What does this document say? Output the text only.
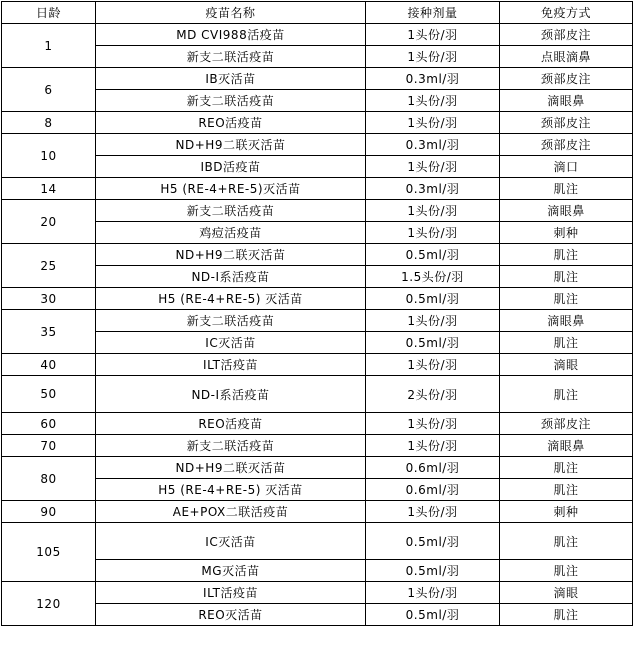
日龄	疫苗名称	接种剂量	免疫方式
1	MD CVI988活疫苗	1头份/羽	颈部皮注
	新支二联活疫苗	1头份/羽	点眼滴鼻
6	IB灭活苗	0.3ml/羽	颈部皮注
	新支二联活疫苗	1头份/羽	滴眼鼻
8	REO活疫苗	1头份/羽	颈部皮注
10	ND+H9二联灭活苗	0.3ml/羽	颈部皮注
	IBD活疫苗	1头份/羽	滴口
14	H5 (RE-4+RE-5)灭活苗	0.3ml/羽	肌注
20	新支二联活疫苗	1头份/羽	滴眼鼻
	鸡痘活疫苗	1头份/羽	刺种
25	ND+H9二联灭活苗	0.5ml/羽	肌注
	ND-I系活疫苗	1.5头份/羽	肌注
30	H5 (RE-4+RE-5) 灭活苗	0.5ml/羽	肌注
35	新支二联活疫苗	1头份/羽	滴眼鼻
	IC灭活苗	0.5ml/羽	肌注
40	ILT活疫苗	1头份/羽	滴眼
50	ND-I系活疫苗	2头份/羽	肌注
60	REO活疫苗	1头份/羽	颈部皮注
70	新支二联活疫苗	1头份/羽	滴眼鼻
80	ND+H9二联灭活苗	0.6ml/羽	肌注
	H5 (RE-4+RE-5) 灭活苗	0.6ml/羽	肌注
90	AE+POX二联活疫苗	1头份/羽	刺种
105	IC灭活苗	0.5ml/羽	肌注
	MG灭活苗	0.5ml/羽	肌注
120	ILT活疫苗	1头份/羽	滴眼
	REO灭活苗	0.5ml/羽	肌注
